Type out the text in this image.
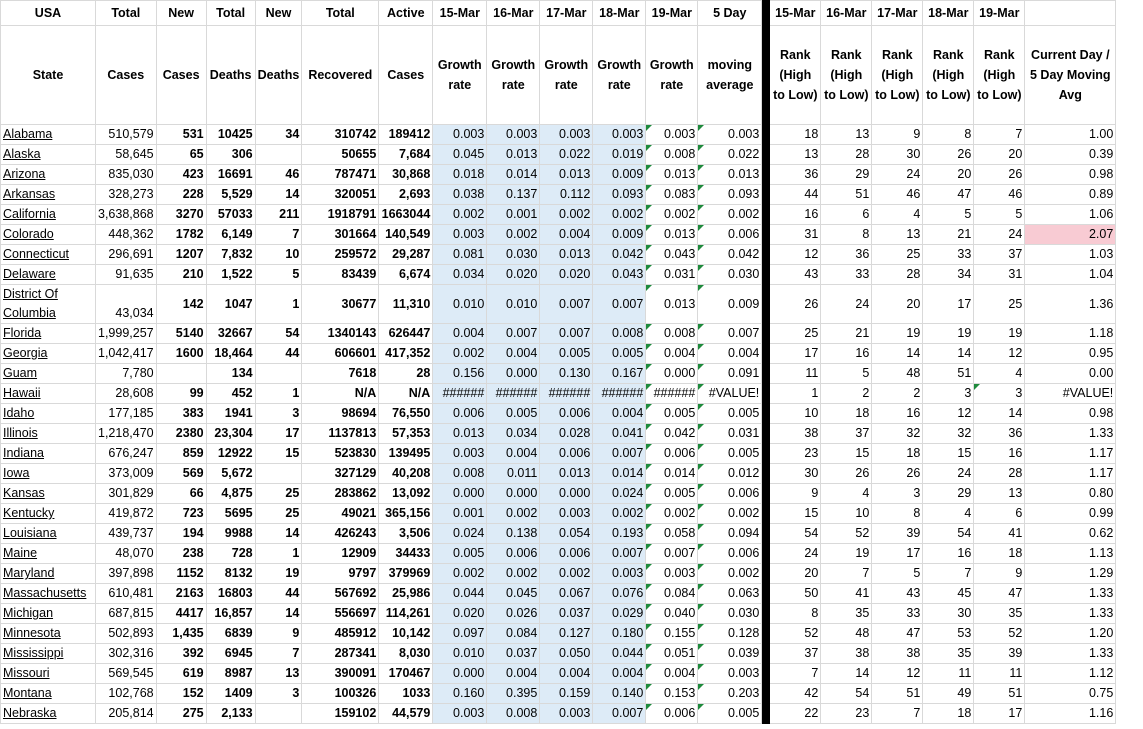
USA	Total	New	Total	New	Total	Active	15-Mar	16-Mar	17-Mar	18-Mar	19-Mar	5 Day		15-Mar	16-Mar	17-Mar	18-Mar	19-Mar	
State	Cases	Cases	Deaths	Deaths	Recovered	Cases	Growth rate	Growth rate	Growth rate	Growth rate	Growth rate	moving average		Rank (High to Low)	Rank (High to Low)	Rank (High to Low)	Rank (High to Low)	Rank (High to Low)	Current Day / 5 Day Moving Avg
Alabama	510,579	531	10425	34	310742	189412	0.003	0.003	0.003	0.003	0.003	0.003		18	13	9	8	7	1.00
Alaska	58,645	65	306		50655	7,684	0.045	0.013	0.022	0.019	0.008	0.022		13	28	30	26	20	0.39
Arizona	835,030	423	16691	46	787471	30,868	0.018	0.014	0.013	0.009	0.013	0.013		36	29	24	20	26	0.98
Arkansas	328,273	228	5,529	14	320051	2,693	0.038	0.137	0.112	0.093	0.083	0.093		44	51	46	47	46	0.89
California	3,638,868	3270	57033	211	1918791	1663044	0.002	0.001	0.002	0.002	0.002	0.002		16	6	4	5	5	1.06
Colorado	448,362	1782	6,149	7	301664	140,549	0.003	0.002	0.004	0.009	0.013	0.006		31	8	13	21	24	2.07
Connecticut	296,691	1207	7,832	10	259572	29,287	0.081	0.030	0.013	0.042	0.043	0.042		12	36	25	33	37	1.03
Delaware	91,635	210	1,522	5	83439	6,674	0.034	0.020	0.020	0.043	0.031	0.030		43	33	28	34	31	1.04
District Of Columbia	43,034	142	1047	1	30677	11,310	0.010	0.010	0.007	0.007	0.013	0.009		26	24	20	17	25	1.36
Florida	1,999,257	5140	32667	54	1340143	626447	0.004	0.007	0.007	0.008	0.008	0.007		25	21	19	19	19	1.18
Georgia	1,042,417	1600	18,464	44	606601	417,352	0.002	0.004	0.005	0.005	0.004	0.004		17	16	14	14	12	0.95
Guam	7,780		134		7618	28	0.156	0.000	0.130	0.167	0.000	0.091		11	5	48	51	4	0.00
Hawaii	28,608	99	452	1	N/A	N/A	######	######	######	######	######	#VALUE!		1	2	2	3	3	#VALUE!
Idaho	177,185	383	1941	3	98694	76,550	0.006	0.005	0.006	0.004	0.005	0.005		10	18	16	12	14	0.98
Illinois	1,218,470	2380	23,304	17	1137813	57,353	0.013	0.034	0.028	0.041	0.042	0.031		38	37	32	32	36	1.33
Indiana	676,247	859	12922	15	523830	139495	0.003	0.004	0.006	0.007	0.006	0.005		23	15	18	15	16	1.17
Iowa	373,009	569	5,672		327129	40,208	0.008	0.011	0.013	0.014	0.014	0.012		30	26	26	24	28	1.17
Kansas	301,829	66	4,875	25	283862	13,092	0.000	0.000	0.000	0.024	0.005	0.006		9	4	3	29	13	0.80
Kentucky	419,872	723	5695	25	49021	365,156	0.001	0.002	0.003	0.002	0.002	0.002		15	10	8	4	6	0.99
Louisiana	439,737	194	9988	14	426243	3,506	0.024	0.138	0.054	0.193	0.058	0.094		54	52	39	54	41	0.62
Maine	48,070	238	728	1	12909	34433	0.005	0.006	0.006	0.007	0.007	0.006		24	19	17	16	18	1.13
Maryland	397,898	1152	8132	19	9797	379969	0.002	0.002	0.002	0.003	0.003	0.002		20	7	5	7	9	1.29
Massachusetts	610,481	2163	16803	44	567692	25,986	0.044	0.045	0.067	0.076	0.084	0.063		50	41	43	45	47	1.33
Michigan	687,815	4417	16,857	14	556697	114,261	0.020	0.026	0.037	0.029	0.040	0.030		8	35	33	30	35	1.33
Minnesota	502,893	1,435	6839	9	485912	10,142	0.097	0.084	0.127	0.180	0.155	0.128		52	48	47	53	52	1.20
Mississippi	302,316	392	6945	7	287341	8,030	0.010	0.037	0.050	0.044	0.051	0.039		37	38	38	35	39	1.33
Missouri	569,545	619	8987	13	390091	170467	0.000	0.004	0.004	0.004	0.004	0.003		7	14	12	11	11	1.12
Montana	102,768	152	1409	3	100326	1033	0.160	0.395	0.159	0.140	0.153	0.203		42	54	51	49	51	0.75
Nebraska	205,814	275	2,133		159102	44,579	0.003	0.008	0.003	0.007	0.006	0.005		22	23	7	18	17	1.16
